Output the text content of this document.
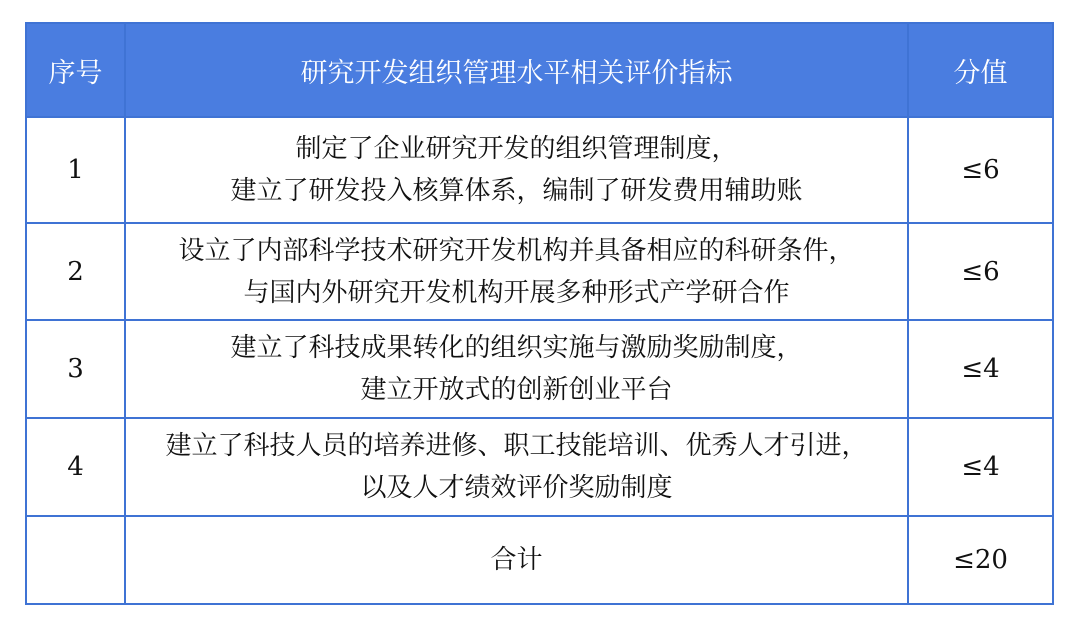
序号	研究开发组织管理水平相关评价指标	分值
1	制定了企业研究开发的组织管理制度，
建立了研发投入核算体系，编制了研发费用辅助账	≤6
2	设立了内部科学技术研究开发机构并具备相应的科研条件，
与国内外研究开发机构开展多种形式产学研合作	≤6
3	建立了科技成果转化的组织实施与激励奖励制度，
建立开放式的创新创业平台	≤4
4	建立了科技人员的培养进修、职工技能培训、优秀人才引进，
以及人才绩效评价奖励制度	≤4
	合计	≤20
